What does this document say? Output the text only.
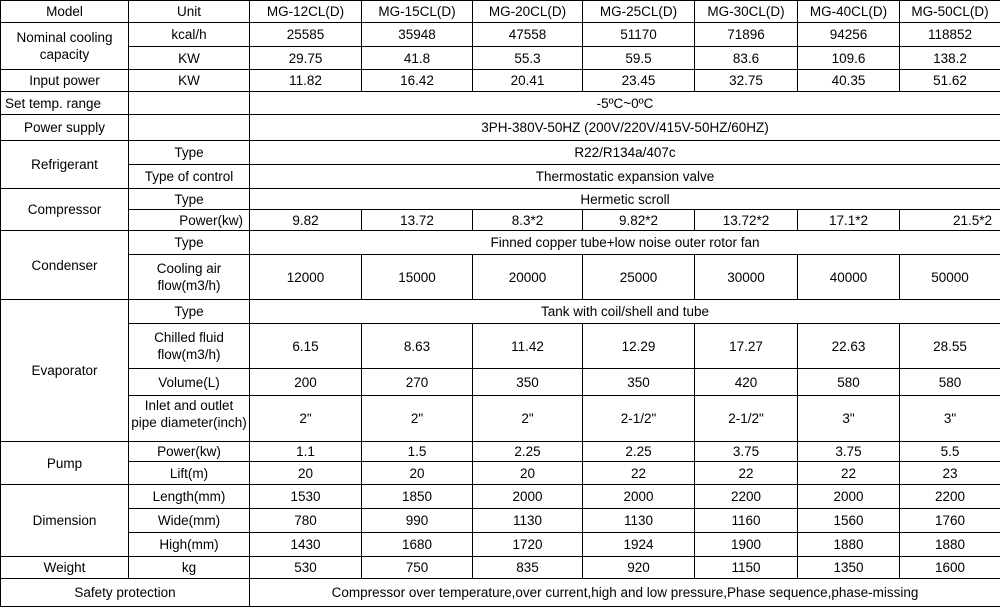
Model	Unit	MG-12CL(D)	MG-15CL(D)	MG-20CL(D)	MG-25CL(D)	MG-30CL(D)	MG-40CL(D)	MG-50CL(D)
Nominal cooling capacity	kcal/h	25585	35948	47558	51170	71896	94256	118852
	KW	29.75	41.8	55.3	59.5	83.6	109.6	138.2
Input power	KW	11.82	16.42	20.41	23.45	32.75	40.35	51.62
Set temp. range		-5ºC~0ºC						
Power supply		3PH-380V-50HZ (200V/220V/415V-50HZ/60HZ)						
Refrigerant	Type	R22/R134a/407c						
	Type of control	Thermostatic expansion valve						
Compressor	Type	Hermetic scroll						
	Power(kw)	9.82	13.72	8.3*2	9.82*2	13.72*2	17.1*2	21.5*2
Condenser	Type	Finned copper tube+low noise outer rotor fan						
	Cooling air flow(m3/h)	12000	15000	20000	25000	30000	40000	50000
Evaporator	Type	Tank with coil/shell and tube						
	Chilled fluid flow(m3/h)	6.15	8.63	11.42	12.29	17.27	22.63	28.55
	Volume(L)	200	270	350	350	420	580	580

	Inlet and outlet pipe diameter(inch)	2"	2"	2"	2-1/2"	2-1/2"	3"	3"
Pump	Power(kw)	1.1	1.5	2.25	2.25	3.75	3.75	5.5
	Lift(m)	20	20	20	22	22	22	23
Dimension	Length(mm)	1530	1850	2000	2000	2200	2000	2200
	Wide(mm)	780	990	1130	1130	1160	1560	1760
	High(mm)	1430	1680	1720	1924	1900	1880	1880
Weight	kg	530	750	835	920	1150	1350	1600
Safety protection		Compressor over temperature,over current,high and low pressure,Phase sequence,phase-missing						
